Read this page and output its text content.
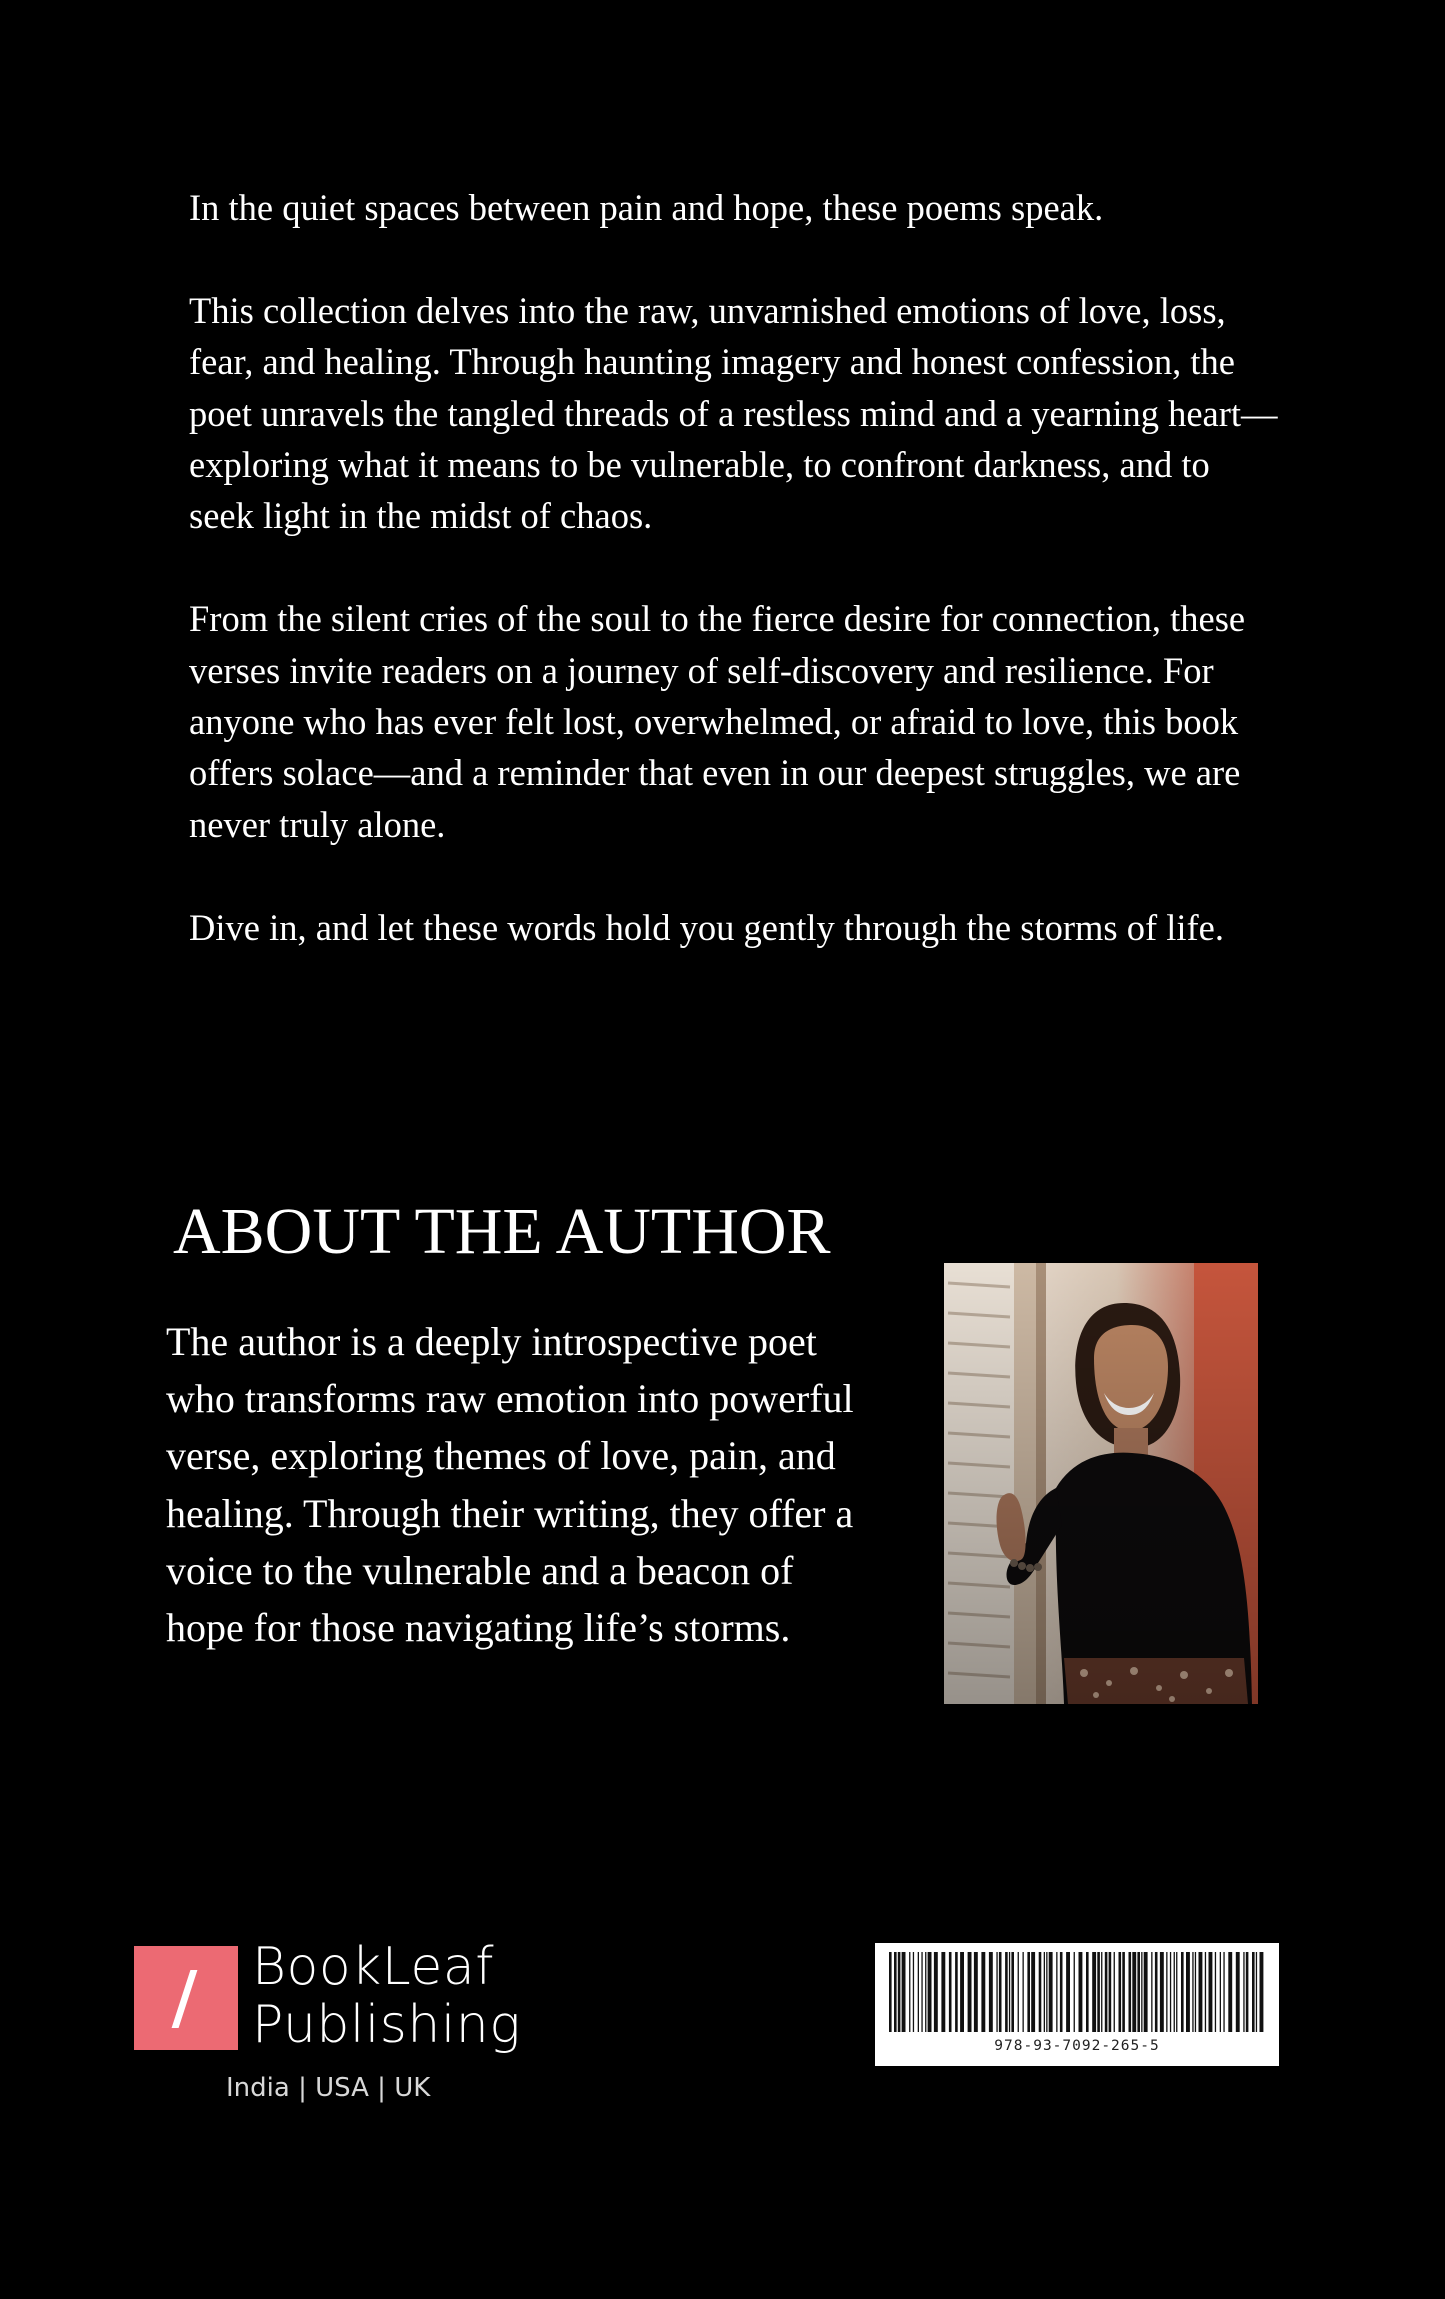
In the quiet spaces between pain and hope, these poems speak.

This collection delves into the raw, unvarnished emotions of love, loss, fear, and healing. Through haunting imagery and honest confession, the poet unravels the tangled threads of a restless mind and a yearning heart—exploring what it means to be vulnerable, to confront darkness, and to seek light in the midst of chaos.

From the silent cries of the soul to the fierce desire for connection, these verses invite readers on a journey of self-discovery and resilience. For anyone who has ever felt lost, overwhelmed, or afraid to love, this book offers solace—and a reminder that even in our deepest struggles, we are never truly alone.

Dive in, and let these words hold you gently through the storms of life.

ABOUT THE AUTHOR

The author is a deeply introspective poet who transforms raw emotion into powerful verse, exploring themes of love, pain, and healing. Through their writing, they offer a voice to the vulnerable and a beacon of hope for those navigating life’s storms.

BookLeaf
Publishing
India | USA | UK
978-93-7092-265-5
